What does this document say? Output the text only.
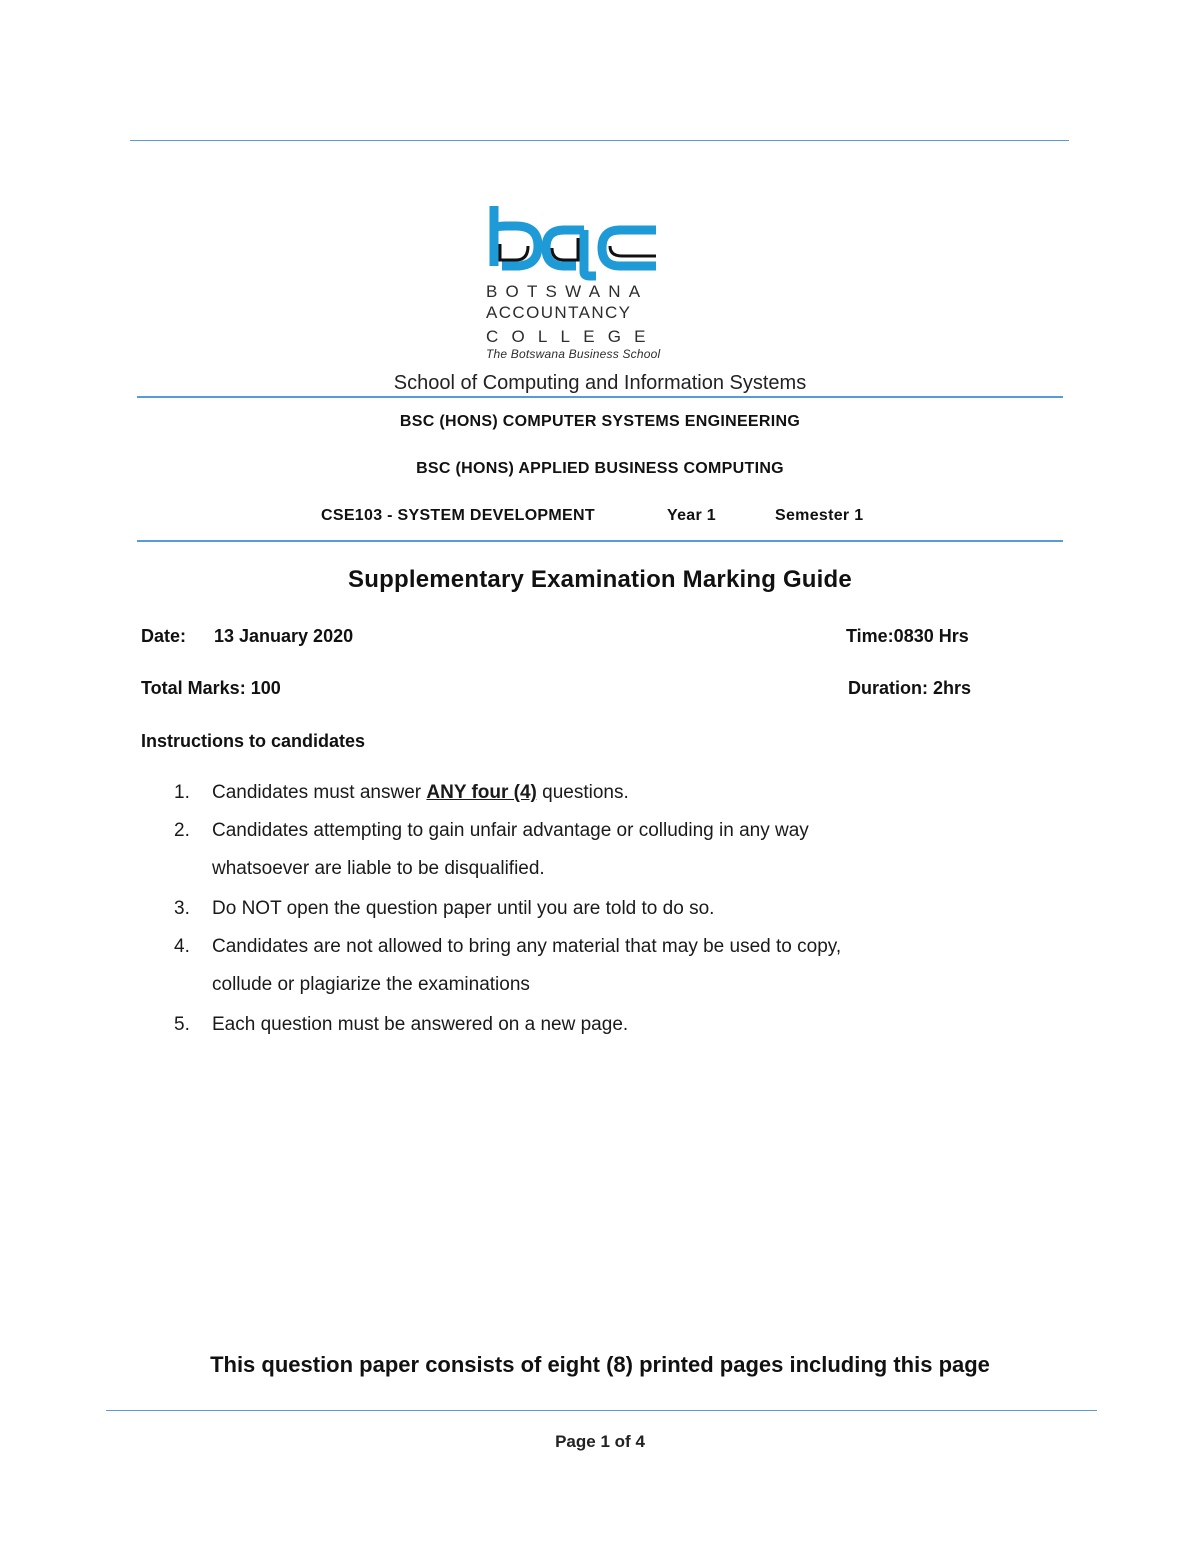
BOTSWANA
ACCOUNTANCY
COLLEGE
The Botswana Business School
School of Computing and Information Systems
BSC (HONS) COMPUTER SYSTEMS ENGINEERING
BSC (HONS) APPLIED BUSINESS COMPUTING
CSE103 - SYSTEM DEVELOPMENT	Year 1	Semester 1
Supplementary Examination Marking Guide
Date: 13 January 2020	Time:0830 Hrs
Total Marks: 100	Duration: 2hrs
Instructions to candidates
1. Candidates must answer ANY four (4) questions.
2. Candidates attempting to gain unfair advantage or colluding in any way
whatsoever are liable to be disqualified.
3. Do NOT open the question paper until you are told to do so.
4. Candidates are not allowed to bring any material that may be used to copy,
collude or plagiarize the examinations
5. Each question must be answered on a new page.
This question paper consists of eight (8) printed pages including this page
Page 1 of 4
